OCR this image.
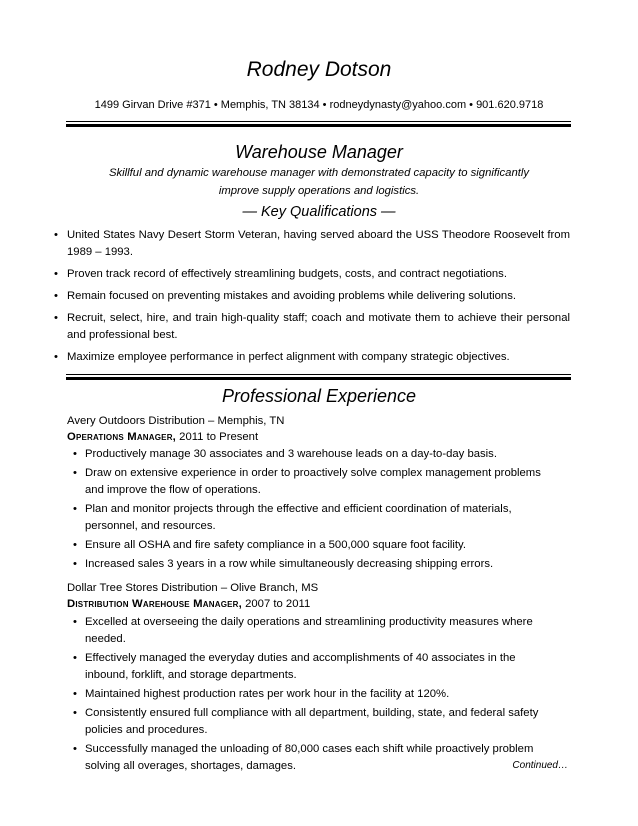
Rodney Dotson
1499 Girvan Drive #371 • Memphis, TN 38134 • rodneydynasty@yahoo.com • 901.620.9718
Warehouse Manager
Skillful and dynamic warehouse manager with demonstrated capacity to significantly improve supply operations and logistics.
— Key Qualifications —
• United States Navy Desert Storm Veteran, having served aboard the USS Theodore Roosevelt from 1989 – 1993.
• Proven track record of effectively streamlining budgets, costs, and contract negotiations.
• Remain focused on preventing mistakes and avoiding problems while delivering solutions.
• Recruit, select, hire, and train high-quality staff; coach and motivate them to achieve their personal and professional best.
• Maximize employee performance in perfect alignment with company strategic objectives.
Professional Experience
Avery Outdoors Distribution – Memphis, TN
Operations Manager, 2011 to Present
• Productively manage 30 associates and 3 warehouse leads on a day-to-day basis.
• Draw on extensive experience in order to proactively solve complex management problems and improve the flow of operations.
• Plan and monitor projects through the effective and efficient coordination of materials, personnel, and resources.
• Ensure all OSHA and fire safety compliance in a 500,000 square foot facility.
• Increased sales 3 years in a row while simultaneously decreasing shipping errors.
Dollar Tree Stores Distribution – Olive Branch, MS
Distribution Warehouse Manager, 2007 to 2011
• Excelled at overseeing the daily operations and streamlining productivity measures where needed.
• Effectively managed the everyday duties and accomplishments of 40 associates in the inbound, forklift, and storage departments.
• Maintained highest production rates per work hour in the facility at 120%.
• Consistently ensured full compliance with all department, building, state, and federal safety policies and procedures.
• Successfully managed the unloading of 80,000 cases each shift while proactively problem solving all overages, shortages, damages.	Continued…
